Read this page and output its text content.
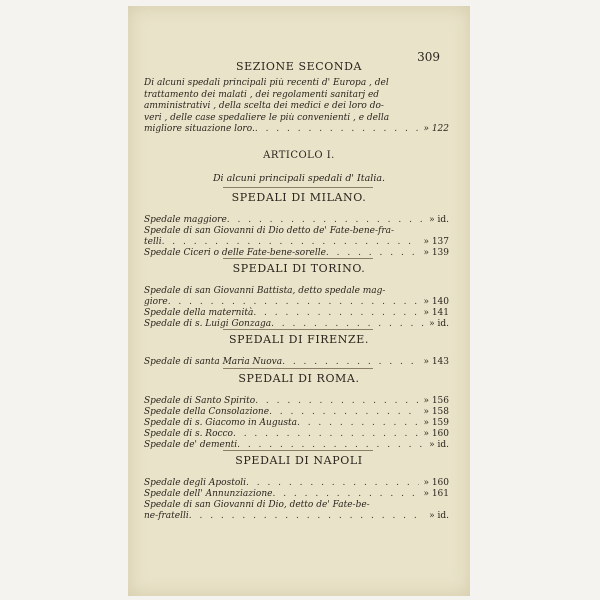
309
SEZIONE SECONDA
Di alcuni spedali principali più recenti d' Europa , del
trattamento dei malati , dei regolamenti sanitarj ed
amministrativi , della scelta dei medici e dei loro do-
veri , delle case spedaliere le più convenienti , e della
migliore situazione loro. . . .	» 122
ARTICOLO I.
Di alcuni principali spedali d' Italia.
SPEDALI DI MILANO.
Spedale maggiore . . .	» id.
Spedale di san Giovanni di Dio detto de' Fate-bene-fra-
telli . . .	» 137
Spedale Ciceri o delle Fate-bene-sorelle . . .	» 139
SPEDALI DI TORINO.
Spedale di san Giovanni Battista, detto spedale mag-
giore . . .	» 140
Spedale della maternità . . .	» 141
Spedale di s. Luigi Gonzaga . . .	» id.
SPEDALI DI FIRENZE.
Spedale di santa Maria Nuova . . .	» 143
SPEDALI DI ROMA.
Spedale di Santo Spirito . . .	» 156
Spedale della Consolazione . . .	» 158
Spedale di s. Giacomo in Augusta . . .	» 159
Spedale di s. Rocco . . .	» 160
Spedale de' dementi . . .	» id.
SPEDALI DI NAPOLI
Spedale degli Apostoli . . .	» 160
Spedale dell' Annunziazione . . .	» 161
Spedale di san Giovanni di Dio, detto de' Fate-be-
ne-fratelli . . .	» id.
